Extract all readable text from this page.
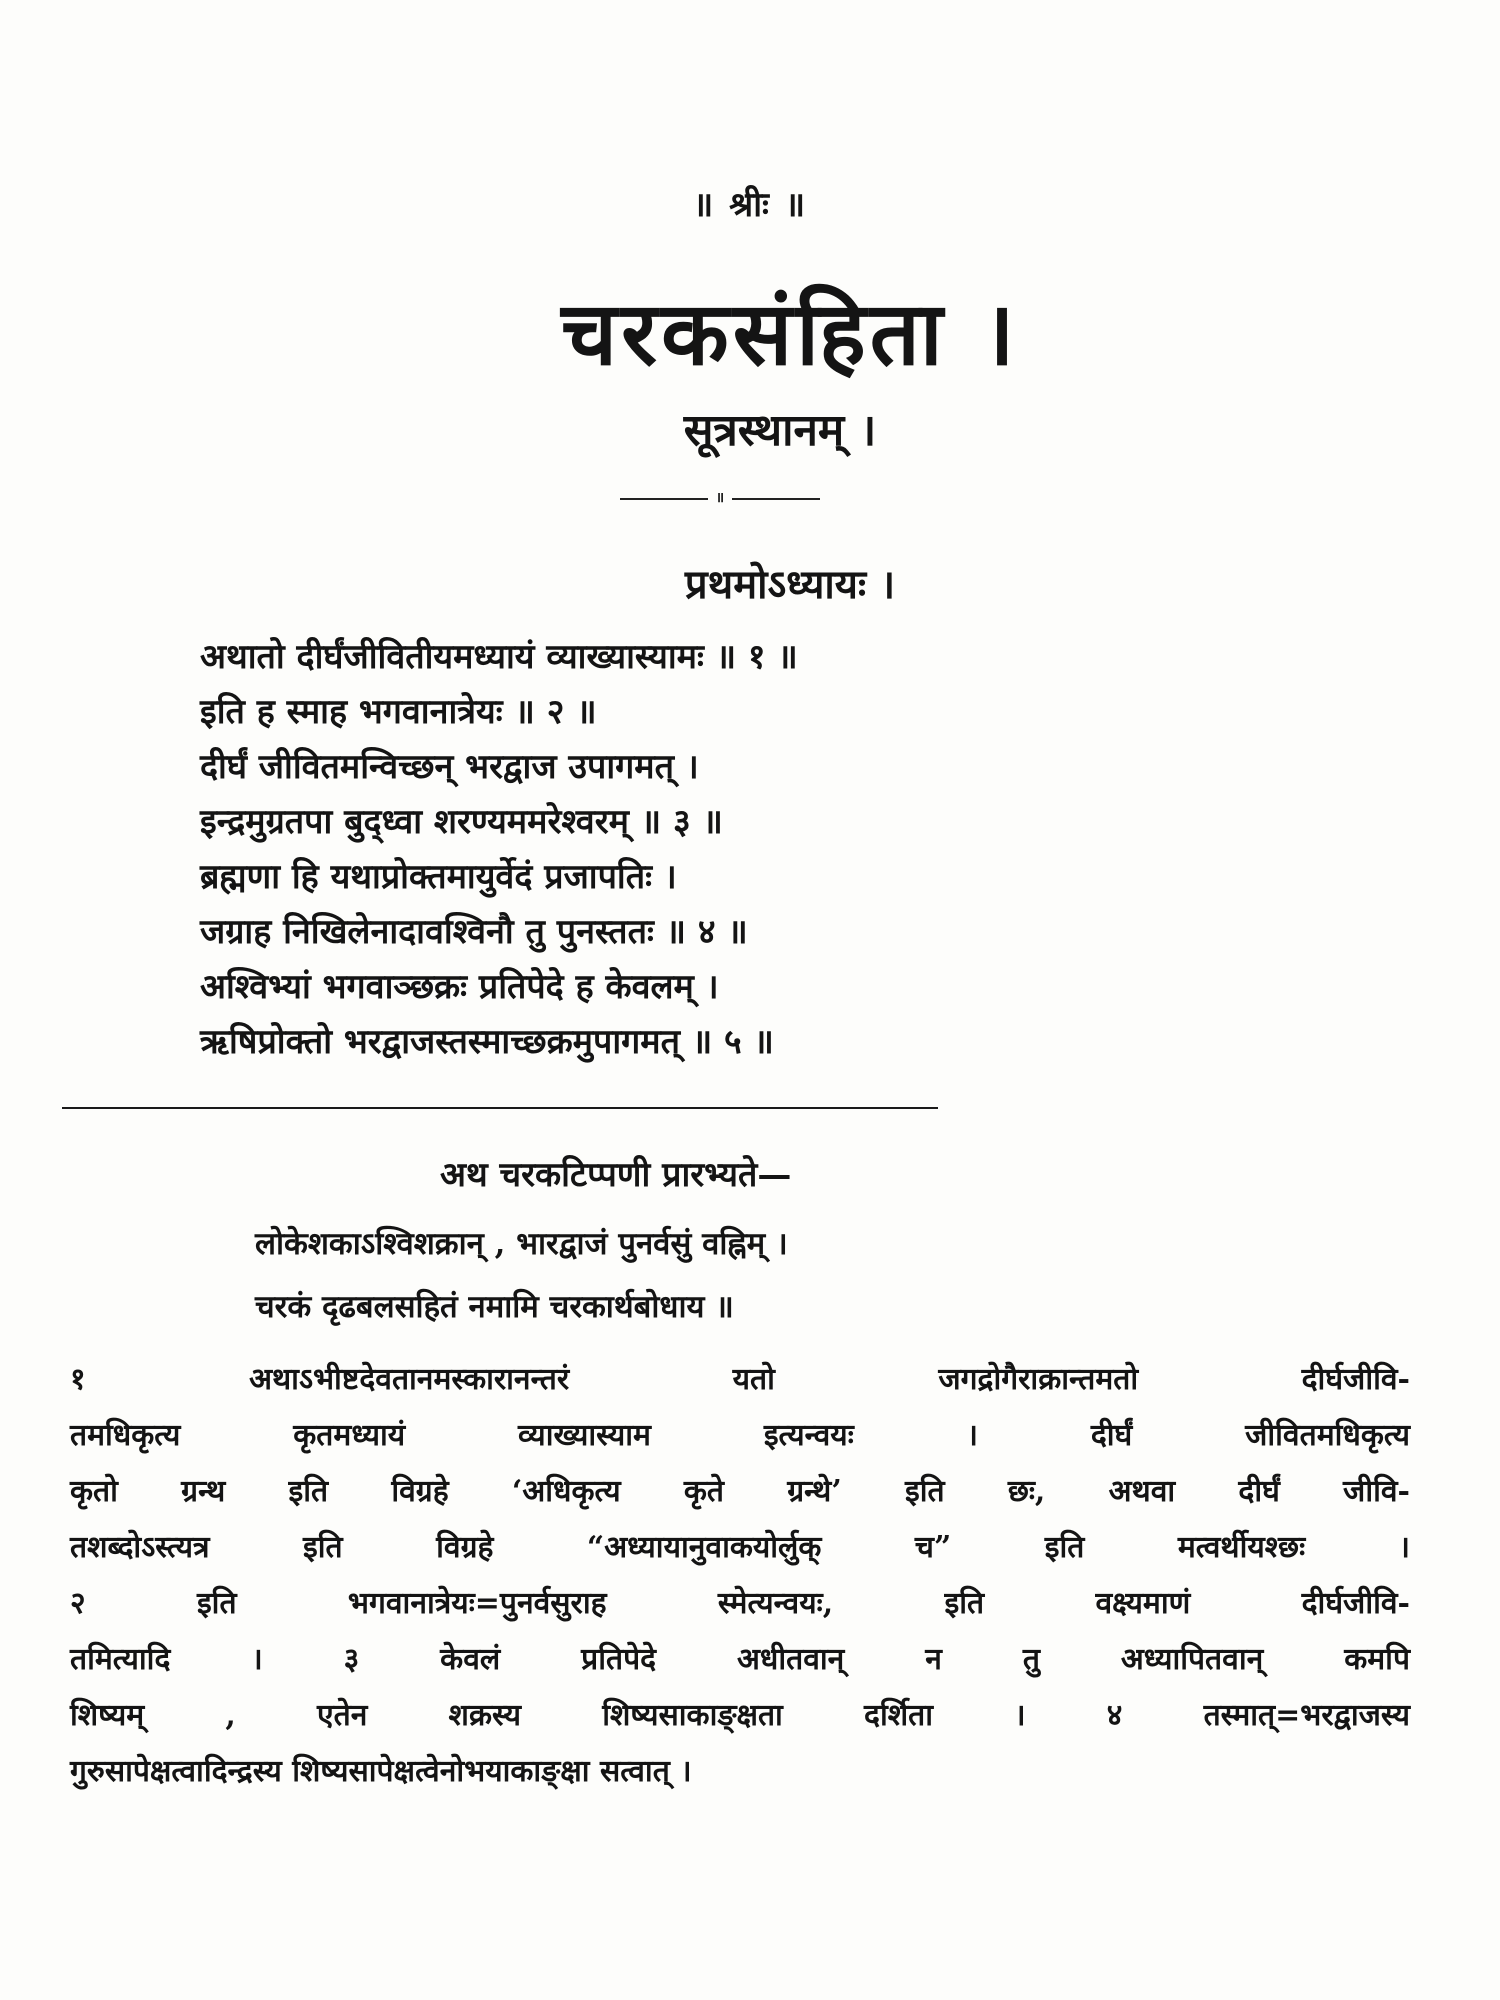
॥ श्रीः ॥
चरकसंहिता ।
सूत्रस्थानम् ।
॥
प्रथमोऽध्यायः ।
अथातो दीर्घंजीवितीयमध्यायं व्याख्यास्यामः ॥ १ ॥
इति ह स्माह भगवानात्रेयः ॥ २ ॥
दीर्घं जीवितमन्विच्छन् भरद्वाज उपागमत् ।
इन्द्रमुग्रतपा बुद्ध्वा शरण्यममरेश्वरम् ॥ ३ ॥
ब्रह्मणा हि यथाप्रोक्तमायुर्वेदं प्रजापतिः ।
जग्राह निखिलेनादावश्विनौ तु पुनस्ततः ॥ ४ ॥
अश्विभ्यां भगवाञ्छक्रः प्रतिपेदे ह केवलम् ।
ऋषिप्रोक्तो भरद्वाजस्तस्माच्छक्रमुपागमत् ॥ ५ ॥
अथ चरकटिप्पणी प्रारभ्यते—
लोकेशकाऽश्विशक्रान् , भारद्वाजं पुनर्वसुं वह्निम् ।
चरकं दृढबलसहितं नमामि चरकार्थबोधाय ॥
१ अथाऽभीष्टदेवतानमस्कारानन्तरं यतो जगद्रोगैराक्रान्तमतो दीर्घजीवि-
तमधिकृत्य कृतमध्यायं व्याख्यास्याम इत्यन्वयः । दीर्घं जीवितमधिकृत्य
कृतो ग्रन्थ इति विग्रहे ‘अधिकृत्य कृते ग्रन्थे’ इति छः, अथवा दीर्घं जीवि-
तशब्दोऽस्त्यत्र इति विग्रहे “अध्यायानुवाकयोर्लुक् च” इति मत्वर्थीयश्छः ।
२ इति भगवानात्रेयः=पुनर्वसुराह स्मेत्यन्वयः, इति वक्ष्यमाणं दीर्घजीवि-
तमित्यादि । ३ केवलं प्रतिपेदे अधीतवान् न तु अध्यापितवान् कमपि
शिष्यम् , एतेन शक्रस्य शिष्यसाकाङ्क्षता दर्शिता । ४ तस्मात्=भरद्वाजस्य
गुरुसापेक्षत्वादिन्द्रस्य शिष्यसापेक्षत्वेनोभयाकाङ्क्षा सत्वात् ।
